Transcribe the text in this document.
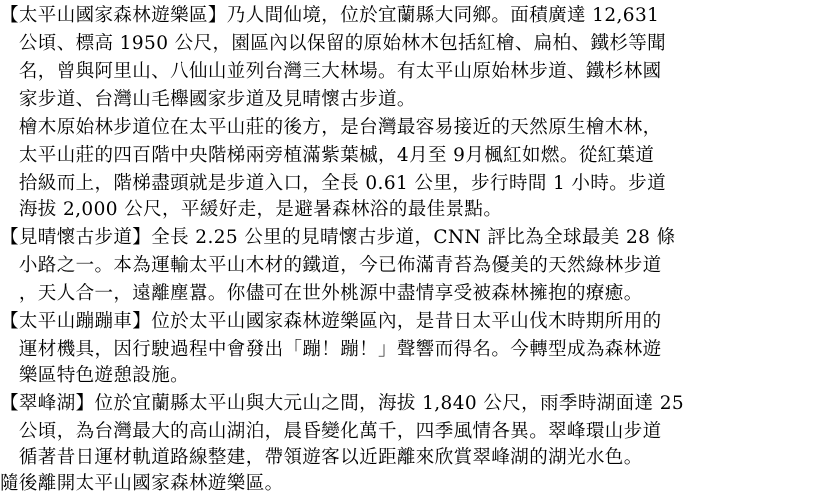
【太平山國家森林遊樂區】乃人間仙境，位於宜蘭縣大同鄉。面積廣達 12,631
　公頃、標高 1950 公尺，園區內以保留的原始林木包括紅檜、扁柏、鐵杉等聞
　名，曾與阿里山、八仙山並列台灣三大林場。有太平山原始林步道、鐵杉林國
　家步道、台灣山毛櫸國家步道及見晴懷古步道。
　檜木原始林步道位在太平山莊的後方，是台灣最容易接近的天然原生檜木林，
　太平山莊的四百階中央階梯兩旁植滿紫葉槭，4月至 9月楓紅如燃。從紅葉道
　拾級而上，階梯盡頭就是步道入口，全長 0.61 公里，步行時間 1 小時。步道
　海拔 2,000 公尺，平緩好走，是避暑森林浴的最佳景點。
【見晴懷古步道】全長 2.25 公里的見晴懷古步道，CNN 評比為全球最美 28 條
　小路之一。本為運輸太平山木材的鐵道，今已佈滿青苔為優美的天然綠林步道
　，天人合一，遠離塵囂。你儘可在世外桃源中盡情享受被森林擁抱的療癒。
【太平山蹦蹦車】位於太平山國家森林遊樂區內，是昔日太平山伐木時期所用的
　運材機具，因行駛過程中會發出「蹦！蹦！」聲響而得名。今轉型成為森林遊
　樂區特色遊憩設施。
【翠峰湖】位於宜蘭縣太平山與大元山之間，海拔 1,840 公尺，雨季時湖面達 25
　公頃，為台灣最大的高山湖泊，晨昏變化萬千，四季風情各異。翠峰環山步道
　循著昔日運材軌道路線整建，帶領遊客以近距離來欣賞翠峰湖的湖光水色。
隨後離開太平山國家森林遊樂區。
